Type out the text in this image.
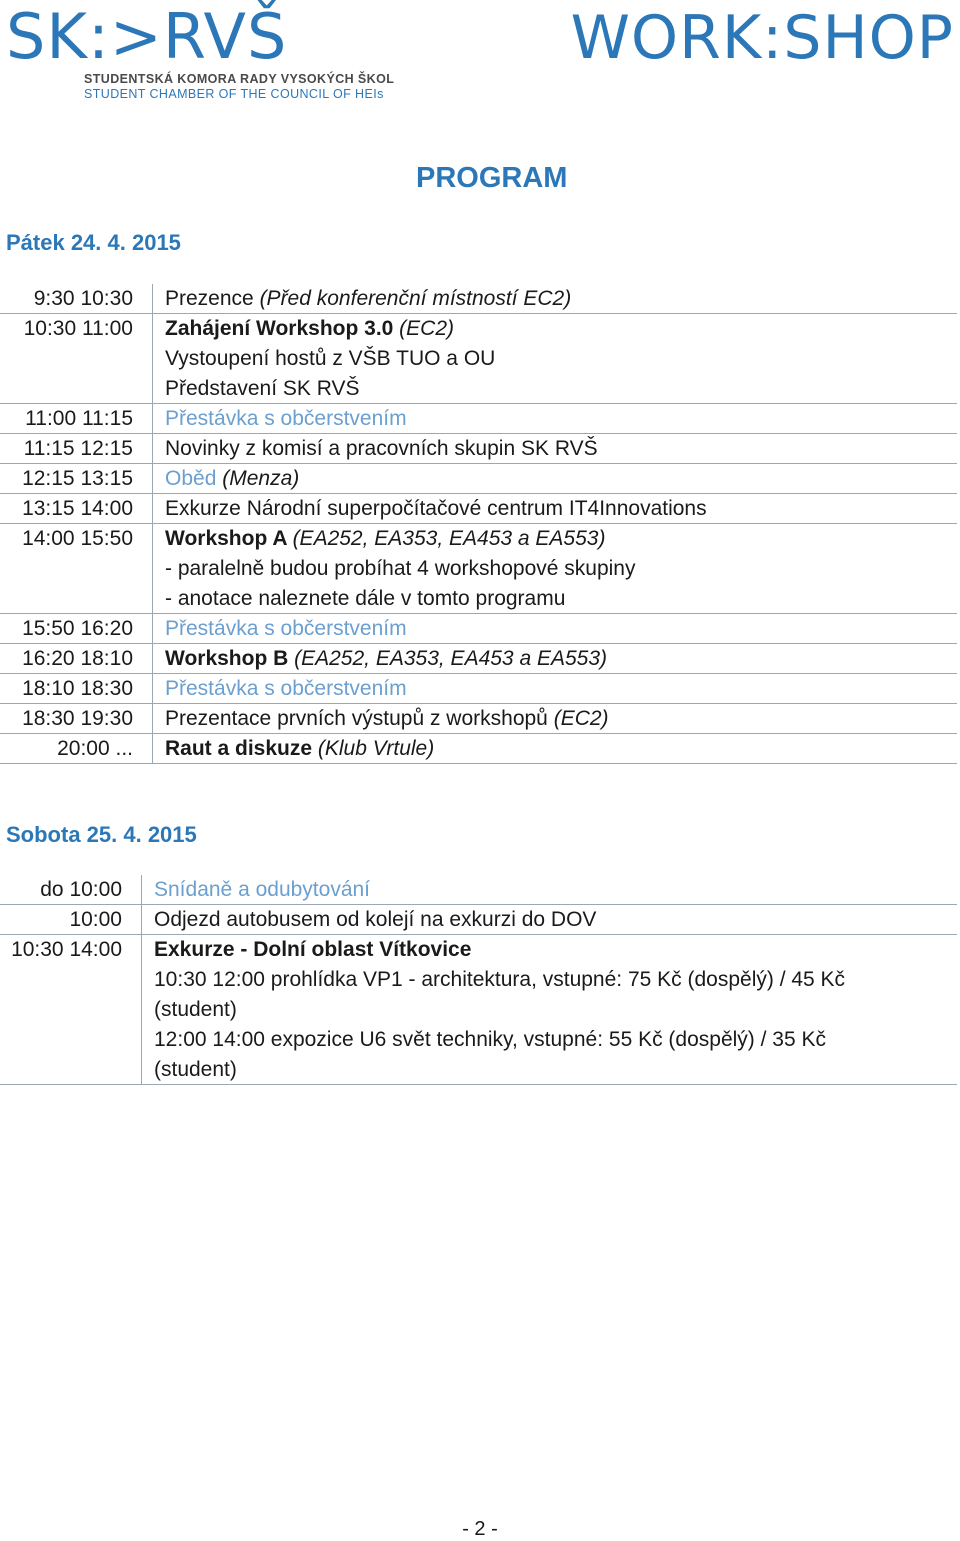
SK:>RVŠ
STUDENTSKÁ KOMORA RADY VYSOKÝCH ŠKOL
STUDENT CHAMBER OF THE COUNCIL OF HEIs
WORK:SHOP
PROGRAM
Pátek 24. 4. 2015
9:30 10:30	Prezence (Před konferenční místností EC2)
10:30 11:00	Zahájení Workshop 3.0 (EC2)
Vystoupení hostů z VŠB TUO a OU
Představení SK RVŠ
11:00 11:15	Přestávka s občerstvením
11:15 12:15	Novinky z komisí a pracovních skupin SK RVŠ
12:15 13:15	Oběd (Menza)
13:15 14:00	Exkurze Národní superpočítačové centrum IT4Innovations
14:00 15:50	Workshop A (EA252, EA353, EA453 a EA553)
- paralelně budou probíhat 4 workshopové skupiny
- anotace naleznete dále v tomto programu
15:50 16:20	Přestávka s občerstvením
16:20 18:10	Workshop B (EA252, EA353, EA453 a EA553)
18:10 18:30	Přestávka s občerstvením
18:30 19:30	Prezentace prvních výstupů z workshopů (EC2)
20:00 ...	Raut a diskuze (Klub Vrtule)
Sobota 25. 4. 2015
do 10:00	Snídaně a odubytování
10:00	Odjezd autobusem od kolejí na exkurzi do DOV
10:30 14:00	Exkurze - Dolní oblast Vítkovice
10:30 12:00 prohlídka VP1 - architektura, vstupné: 75 Kč (dospělý) / 45 Kč
(student)
12:00 14:00 expozice U6 svět techniky, vstupné: 55 Kč (dospělý) / 35 Kč
(student)
- 2 -
